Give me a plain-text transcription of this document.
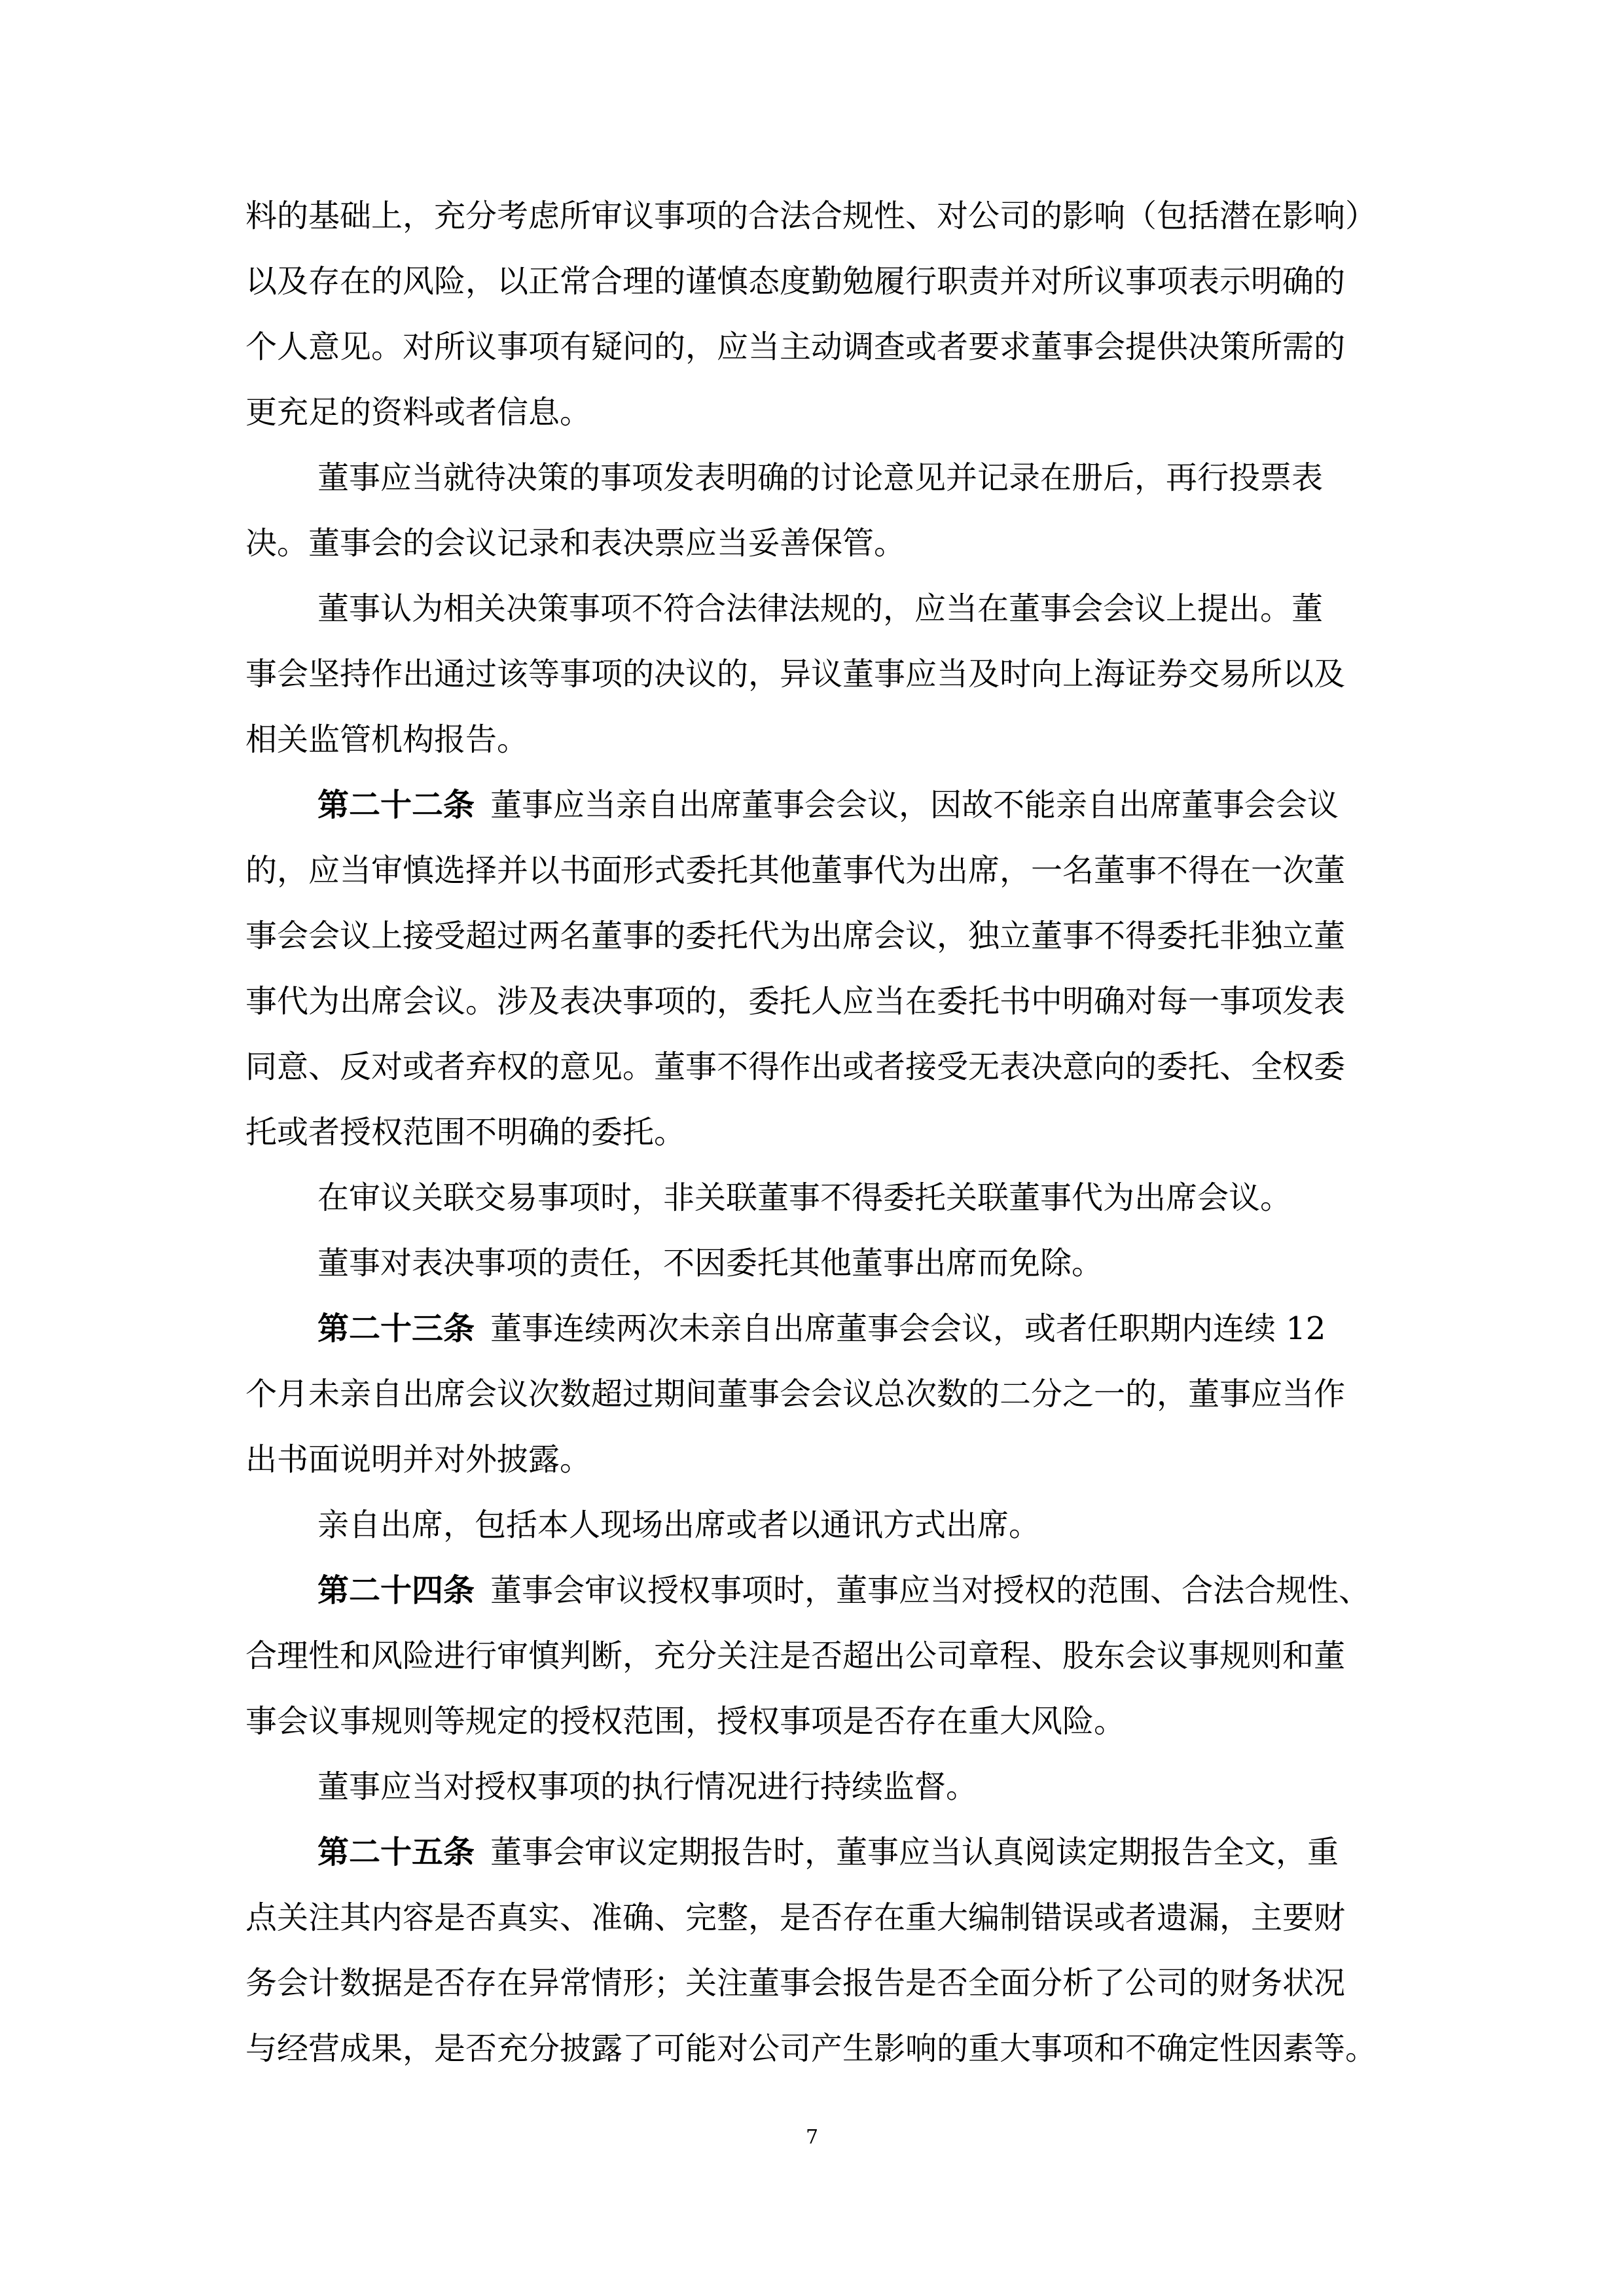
料的基础上，充分考虑所审议事项的合法合规性、对公司的影响（包括潜在影响）
以及存在的风险，以正常合理的谨慎态度勤勉履行职责并对所议事项表示明确的
个人意见。对所议事项有疑问的，应当主动调查或者要求董事会提供决策所需的
更充足的资料或者信息。
董事应当就待决策的事项发表明确的讨论意见并记录在册后，再行投票表
决。董事会的会议记录和表决票应当妥善保管。
董事认为相关决策事项不符合法律法规的，应当在董事会会议上提出。董
事会坚持作出通过该等事项的决议的，异议董事应当及时向上海证券交易所以及
相关监管机构报告。
第二十二条 董事应当亲自出席董事会会议，因故不能亲自出席董事会会议
的，应当审慎选择并以书面形式委托其他董事代为出席，一名董事不得在一次董
事会会议上接受超过两名董事的委托代为出席会议，独立董事不得委托非独立董
事代为出席会议。涉及表决事项的，委托人应当在委托书中明确对每一事项发表
同意、反对或者弃权的意见。董事不得作出或者接受无表决意向的委托、全权委
托或者授权范围不明确的委托。
在审议关联交易事项时，非关联董事不得委托关联董事代为出席会议。
董事对表决事项的责任，不因委托其他董事出席而免除。
第二十三条 董事连续两次未亲自出席董事会会议，或者任职期内连续 12
个月未亲自出席会议次数超过期间董事会会议总次数的二分之一的，董事应当作
出书面说明并对外披露。
亲自出席，包括本人现场出席或者以通讯方式出席。
第二十四条 董事会审议授权事项时，董事应当对授权的范围、合法合规性、
合理性和风险进行审慎判断，充分关注是否超出公司章程、股东会议事规则和董
事会议事规则等规定的授权范围，授权事项是否存在重大风险。
董事应当对授权事项的执行情况进行持续监督。
第二十五条 董事会审议定期报告时，董事应当认真阅读定期报告全文，重
点关注其内容是否真实、准确、完整，是否存在重大编制错误或者遗漏，主要财
务会计数据是否存在异常情形；关注董事会报告是否全面分析了公司的财务状况
与经营成果，是否充分披露了可能对公司产生影响的重大事项和不确定性因素等。
7
